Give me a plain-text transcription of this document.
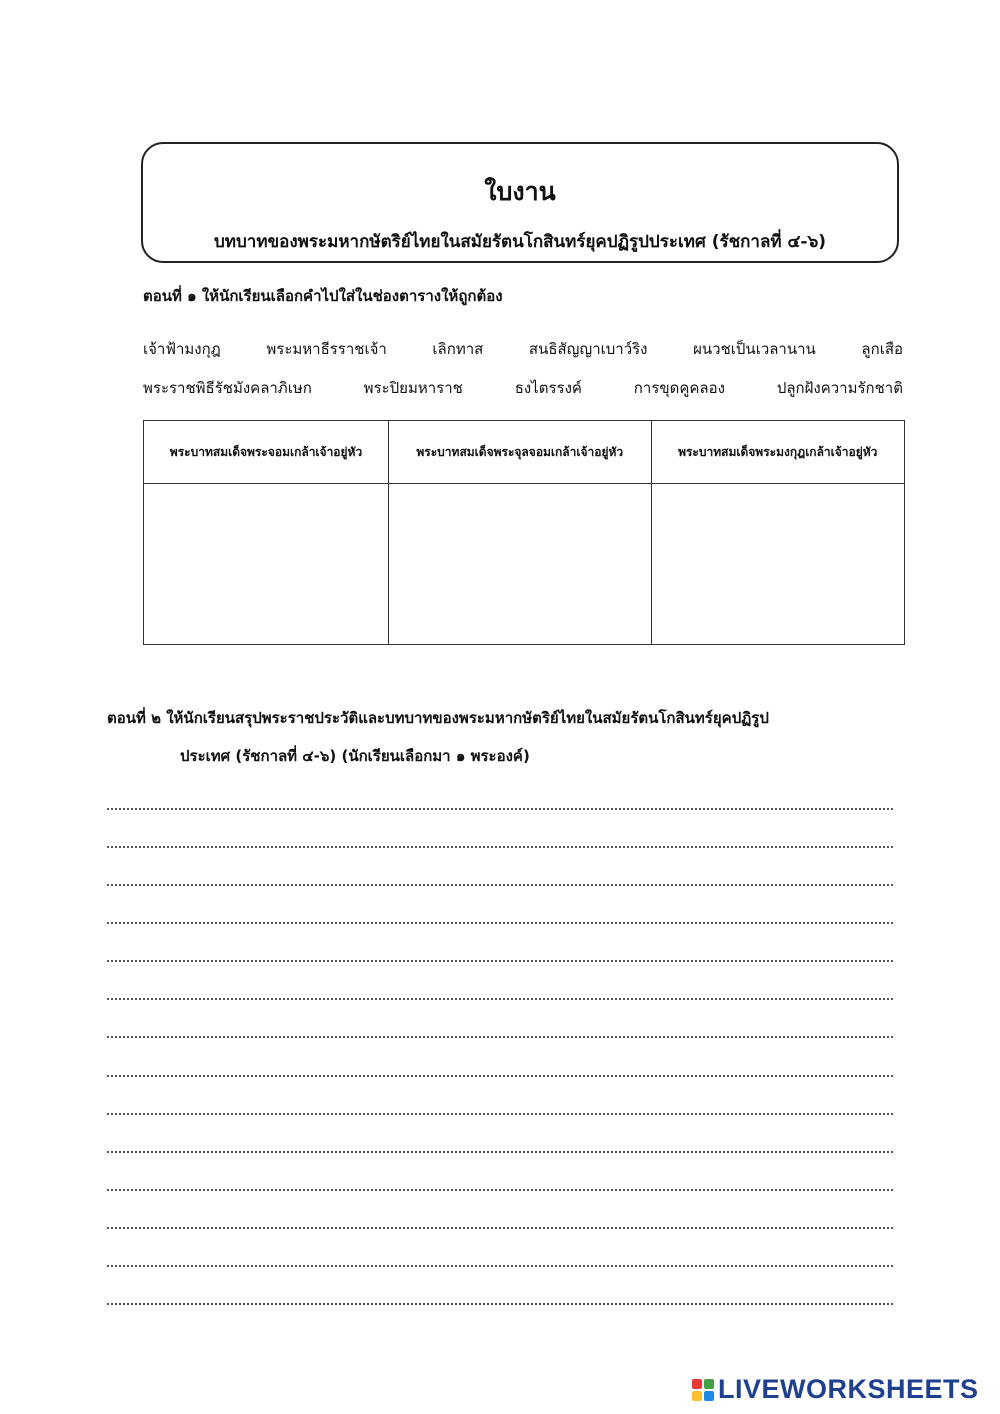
ใบงาน
บทบาทของพระมหากษัตริย์ไทยในสมัยรัตนโกสินทร์ยุคปฏิรูปประเทศ (รัชกาลที่ ๔-๖)
ตอนที่ ๑ ให้นักเรียนเลือกคำไปใส่ในช่องตารางให้ถูกต้อง
เจ้าฟ้ามงกุฎ	พระมหาธีรราชเจ้า	เลิกทาส	สนธิสัญญาเบาว์ริง	ผนวชเป็นเวลานาน	ลูกเสือ
พระราชพิธีรัชมังคลาภิเษก	พระปิยมหาราช	ธงไตรรงค์	การขุดคูคลอง	ปลูกฝังความรักชาติ
พระบาทสมเด็จพระจอมเกล้าเจ้าอยู่หัว	พระบาทสมเด็จพระจุลจอมเกล้าเจ้าอยู่หัว	พระบาทสมเด็จพระมงกุฎเกล้าเจ้าอยู่หัว

ตอนที่ ๒ ให้นักเรียนสรุปพระราชประวัติและบทบาทของพระมหากษัตริย์ไทยในสมัยรัตนโกสินทร์ยุคปฏิรูป
ประเทศ (รัชกาลที่ ๔-๖) (นักเรียนเลือกมา ๑ พระองค์)
LIVEWORKSHEETS
